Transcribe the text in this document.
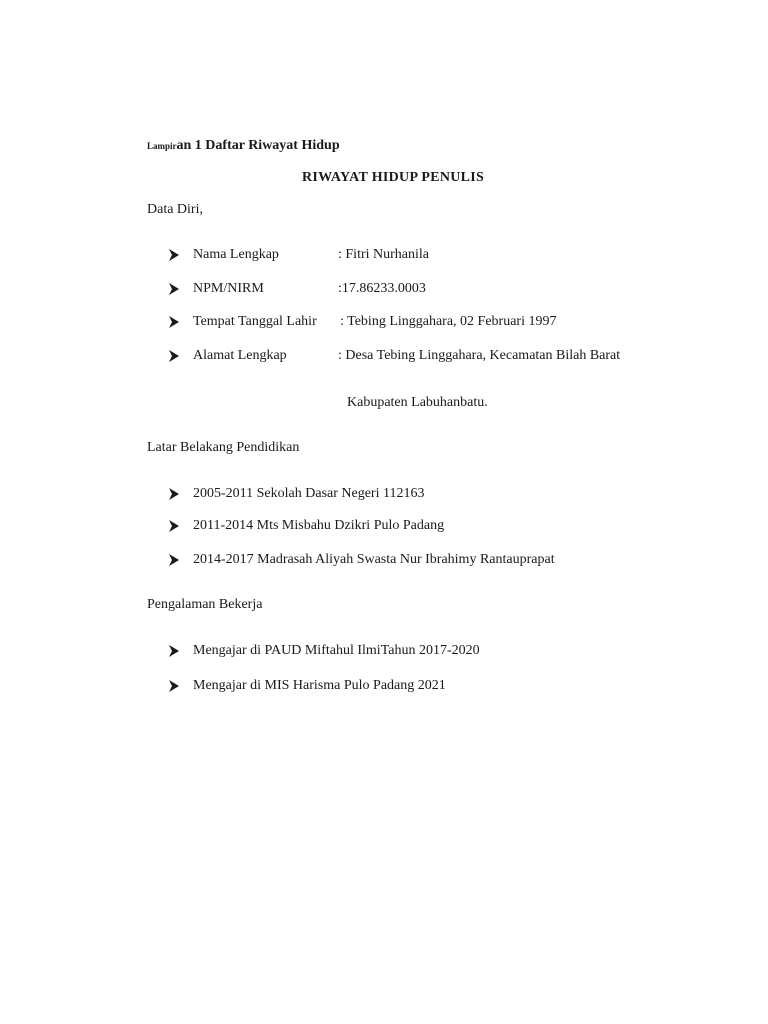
Lampiran 1 Daftar Riwayat Hidup
RIWAYAT HIDUP PENULIS
Data Diri,
Nama Lengkap	: Fitri Nurhanila
NPM/NIRM	:17.86233.0003
Tempat Tanggal Lahir : Tebing Linggahara, 02 Februari 1997
Alamat Lengkap	: Desa Tebing Linggahara, Kecamatan Bilah Barat
Kabupaten Labuhanbatu.
Latar Belakang Pendidikan
2005-2011 Sekolah Dasar Negeri 112163
2011-2014 Mts Misbahu Dzikri Pulo Padang
2014-2017 Madrasah Aliyah Swasta Nur Ibrahimy Rantauprapat
Pengalaman Bekerja
Mengajar di PAUD Miftahul IlmiTahun 2017-2020
Mengajar di MIS Harisma Pulo Padang 2021
